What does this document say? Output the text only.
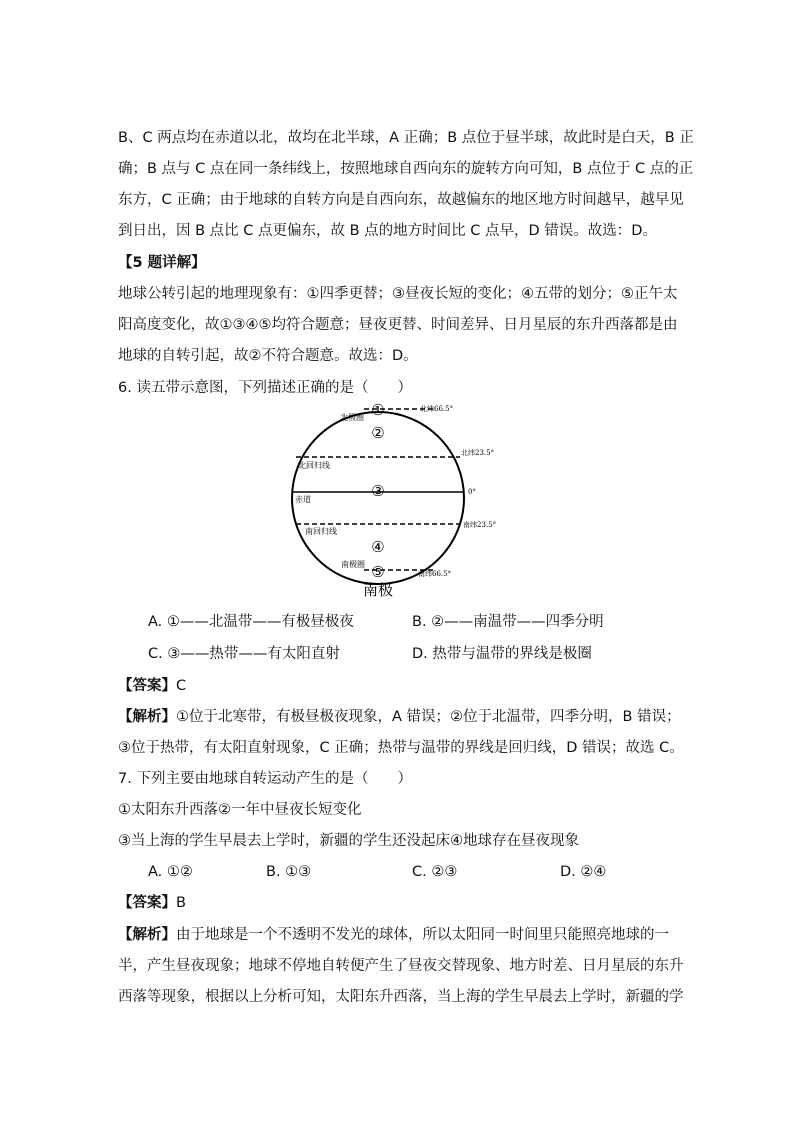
B、C 两点均在赤道以北，故均在北半球，A 正确；B 点位于昼半球，故此时是白天，B 正
确；B 点与 C 点在同一条纬线上，按照地球自西向东的旋转方向可知，B 点位于 C 点的正
东方，C 正确；由于地球的自转方向是自西向东，故越偏东的地区地方时间越早，越早见
到日出，因 B 点比 C 点更偏东，故 B 点的地方时间比 C 点早，D 错误。故选：D。
【5 题详解】
地球公转引起的地理现象有：①四季更替；③昼夜长短的变化；④五带的划分；⑤正午太
阳高度变化，故①③④⑤均符合题意；昼夜更替、时间差异、日月星辰的东升西落都是由
地球的自转引起，故②不符合题意。故选：D。
6. 读五带示意图，下列描述正确的是（　　）
南极
北极圈
北回归线
赤道
南回归线
南极圈
北纬66.5°
北纬23.5°
0°
南纬23.5°
南纬66.5°
①
②
③
④
⑤
A. ①——北温带——有极昼极夜	B. ②——南温带——四季分明
C. ③——热带——有太阳直射	D. 热带与温带的界线是极圈
【答案】C
【解析】①位于北寒带，有极昼极夜现象，A 错误；②位于北温带，四季分明，B 错误；
③位于热带，有太阳直射现象，C 正确；热带与温带的界线是回归线，D 错误；故选 C。
7. 下列主要由地球自转运动产生的是（　　）
①太阳东升西落②一年中昼夜长短变化
③当上海的学生早晨去上学时，新疆的学生还没起床④地球存在昼夜现象
A. ①②	B. ①③	C. ②③	D. ②④
【答案】B
【解析】由于地球是一个不透明不发光的球体，所以太阳同一时间里只能照亮地球的一
半，产生昼夜现象；地球不停地自转便产生了昼夜交替现象、地方时差、日月星辰的东升
西落等现象，根据以上分析可知，太阳东升西落，当上海的学生早晨去上学时，新疆的学
